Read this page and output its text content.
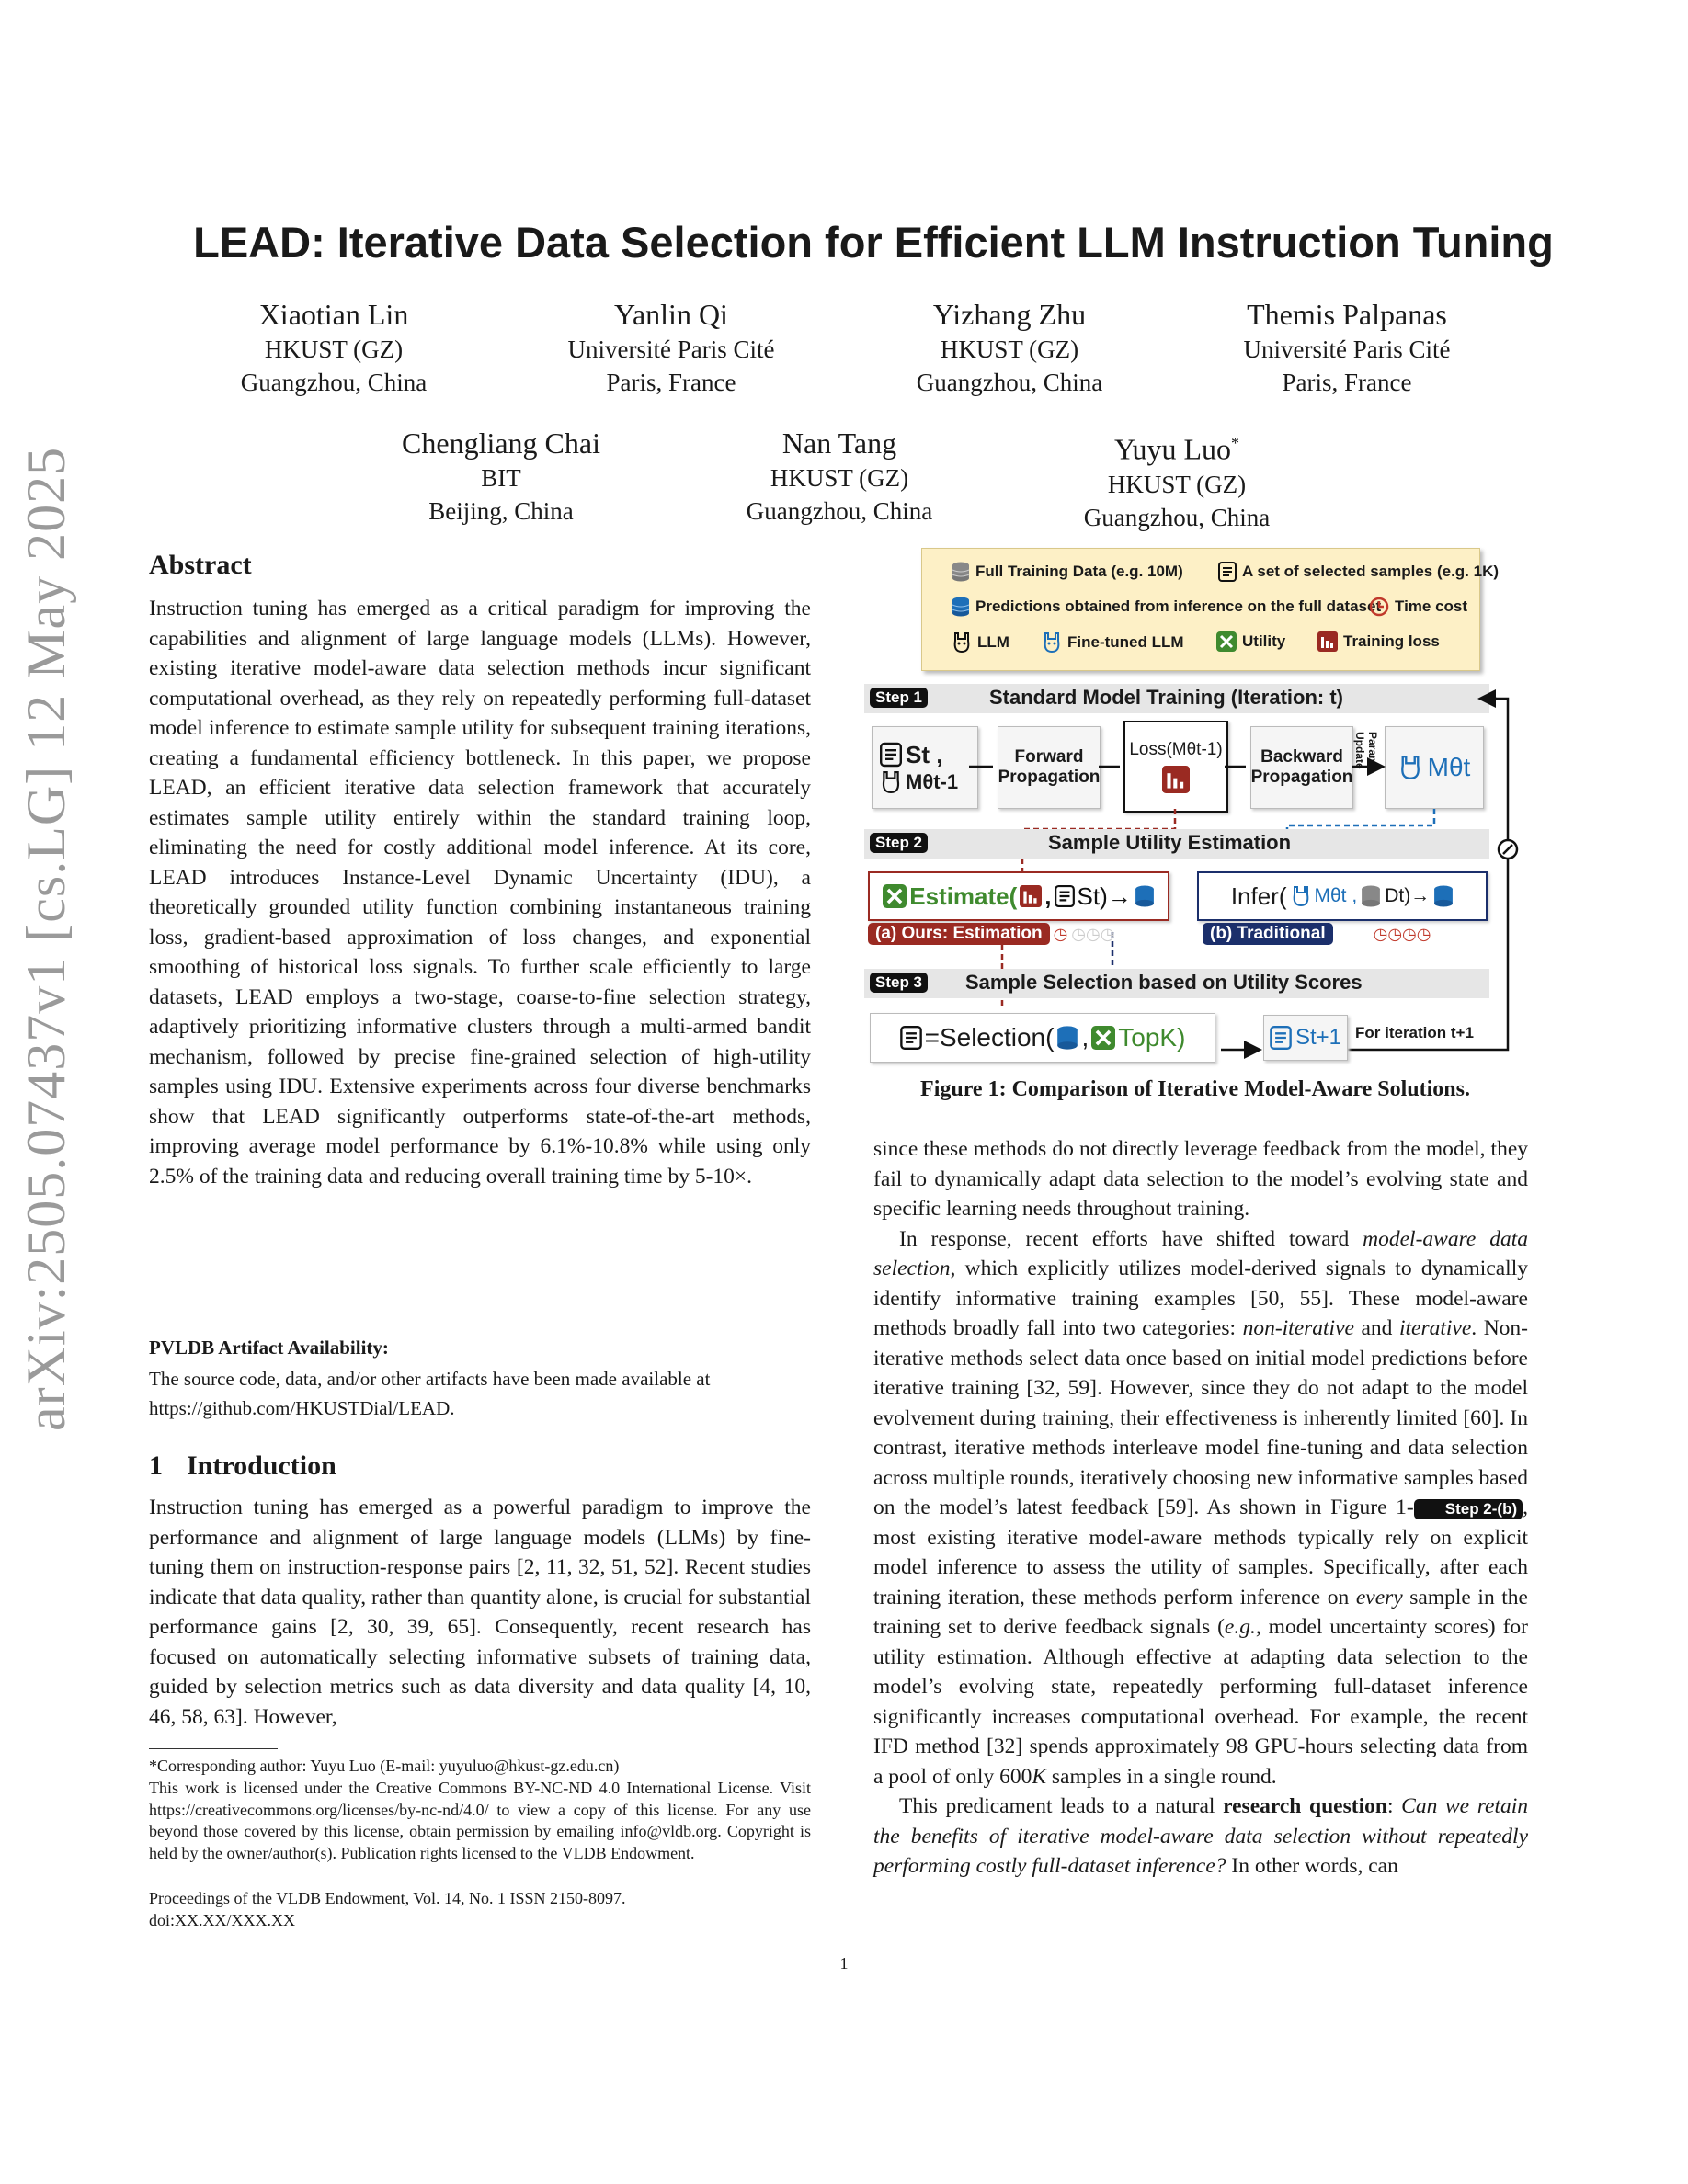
arXiv:2505.07437v1 [cs.LG] 12 May 2025
LEAD: Iterative Data Selection for Efficient LLM Instruction Tuning
Xiaotian Lin
HKUST (GZ)
Guangzhou, China
Yanlin Qi
Université Paris Cité
Paris, France
Yizhang Zhu
HKUST (GZ)
Guangzhou, China
Themis Palpanas
Université Paris Cité
Paris, France
Chengliang Chai
BIT
Beijing, China
Nan Tang
HKUST (GZ)
Guangzhou, China
Yuyu Luo*
HKUST (GZ)
Guangzhou, China
Abstract
Instruction tuning has emerged as a critical paradigm for improving the capabilities and alignment of large language models (LLMs). However, existing iterative model-aware data selection methods incur significant computational overhead, as they rely on repeatedly performing full-dataset model inference to estimate sample utility for subsequent training iterations, creating a fundamental efficiency bottleneck. In this paper, we propose LEAD, an efficient iterative data selection framework that accurately estimates sample utility entirely within the standard training loop, eliminating the need for costly additional model inference. At its core, LEAD introduces Instance-Level Dynamic Uncertainty (IDU), a theoretically grounded utility function combining instantaneous training loss, gradient-based approximation of loss changes, and exponential smoothing of historical loss signals. To further scale efficiently to large datasets, LEAD employs a two-stage, coarse-to-fine selection strategy, adaptively prioritizing informative clusters through a multi-armed bandit mechanism, followed by precise fine-grained selection of high-utility samples using IDU. Extensive experiments across four diverse benchmarks show that LEAD significantly outperforms state-of-the-art methods, improving average model performance by 6.1%-10.8% while using only 2.5% of the training data and reducing overall training time by 5-10×.
PVLDB Artifact Availability:
The source code, data, and/or other artifacts have been made available at
https://github.com/HKUSTDial/LEAD.
1 Introduction
Instruction tuning has emerged as a powerful paradigm to improve the performance and alignment of large language models (LLMs) by fine-tuning them on instruction-response pairs [2, 11, 32, 51, 52]. Recent studies indicate that data quality, rather than quantity alone, is crucial for substantial performance gains [2, 30, 39, 65]. Consequently, recent research has focused on automatically selecting informative subsets of training data, guided by selection metrics such as data diversity and data quality [4, 10, 46, 58, 63]. However,
*Corresponding author: Yuyu Luo (E-mail: yuyuluo@hkust-gz.edu.cn)
This work is licensed under the Creative Commons BY-NC-ND 4.0 International License. Visit https://creativecommons.org/licenses/by-nc-nd/4.0/ to view a copy of this license. For any use beyond those covered by this license, obtain permission by emailing info@vldb.org. Copyright is held by the owner/author(s). Publication rights licensed to the VLDB Endowment.
Proceedings of the VLDB Endowment, Vol. 14, No. 1 ISSN 2150-8097.
doi:XX.XX/XXX.XX
Full Training Data (e.g. 10M)	A set of selected samples (e.g. 1K)
Predictions obtained from inference on the full dataset Time cost
LLM	Fine-tuned LLM	Utility	Training loss
Step 1	Standard Model Training (Iteration: t)
St ,
Mθt-1
Forward Propagation
Loss(Mθt-1)	Backward Propagation
Param. Update	Mθt
Step 2	Sample Utility Estimation
Estimate( , St)→	Infer( Mθt , Dt)→
(a) Ours: Estimation ◷ ◷◷◷	(b) Traditional	◷◷◷◷
Step 3 Sample Selection based on Utility Scores
=Selection( , TopK)	St+1 For iteration t+1
Figure 1: Comparison of Iterative Model-Aware Solutions.

since these methods do not directly leverage feedback from the model, they fail to dynamically adapt data selection to the model’s evolving state and specific learning needs throughout training.

In response, recent efforts have shifted toward model-aware data selection, which explicitly utilizes model-derived signals to dynamically identify informative training examples [50, 55]. These model-aware methods broadly fall into two categories: non-iterative and iterative. Non-iterative methods select data once based on initial model predictions before iterative training [32, 59]. However, since they do not adapt to the model evolvement during training, their effectiveness is inherently limited [60]. In contrast, iterative methods interleave model fine-tuning and data selection across multiple rounds, iteratively choosing new informative samples based on the model’s latest feedback [59]. As shown in Figure 1- Step 2-(b) , most existing iterative model-aware methods typically rely on explicit model inference to assess the utility of samples. Specifically, after each training iteration, these methods perform inference on every sample in the training set to derive feedback signals (e.g., model uncertainty scores) for utility estimation. Although effective at adapting data selection to the model’s evolving state, repeatedly performing full-dataset inference significantly increases computational overhead. For example, the recent IFD method [32] spends approximately 98 GPU-hours selecting data from a pool of only 600K samples in a single round.

This predicament leads to a natural research question: Can we retain the benefits of iterative model-aware data selection without repeatedly performing costly full-dataset inference? In other words, can

1
